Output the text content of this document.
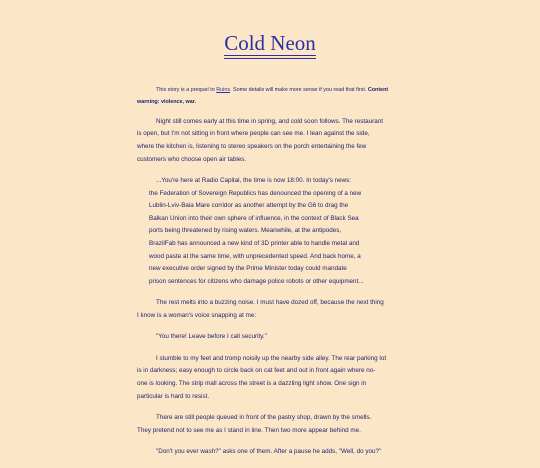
Cold Neon

This story is a prequel to Ruins. Some details will make more sense if you read that first. Content
warning: violence, war.

Night still comes early at this time in spring, and cold soon follows. The restaurant
is open, but I'm not sitting in front where people can see me. I lean against the side,
where the kitchen is, listening to stereo speakers on the porch entertaining the few
customers who choose open air tables.

...You're here at Radio Capital, the time is now 18:00. In today's news:
the Federation of Sovereign Republics has denounced the opening of a new
Lublin-Lviv-Baia Mare corridor as another attempt by the G6 to drag the
Balkan Union into their own sphere of influence, in the context of Black Sea
ports being threatened by rising waters. Meanwhile, at the antipodes,
BrazilFab has announced a new kind of 3D printer able to handle metal and
wood paste at the same time, with unprecedented speed. And back home, a
new executive order signed by the Prime Minister today could mandate
prison sentences for citizens who damage police robots or other equipment...

The rest melts into a buzzing noise. I must have dozed off, because the next thing
I know is a woman's voice snapping at me:

"You there! Leave before I call security."

I stumble to my feet and tromp noisily up the nearby side alley. The rear parking lot
is in darkness; easy enough to circle back on cat feet and out in front again where no-
one is looking. The strip mall across the street is a dazzling light show. One sign in
particular is hard to resist.

There are still people queued in front of the pastry shop, drawn by the smells.
They pretend not to see me as I stand in line. Then two more appear behind me.

"Don't you ever wash?" asks one of them. After a pause he adds, "Well, do you?"
